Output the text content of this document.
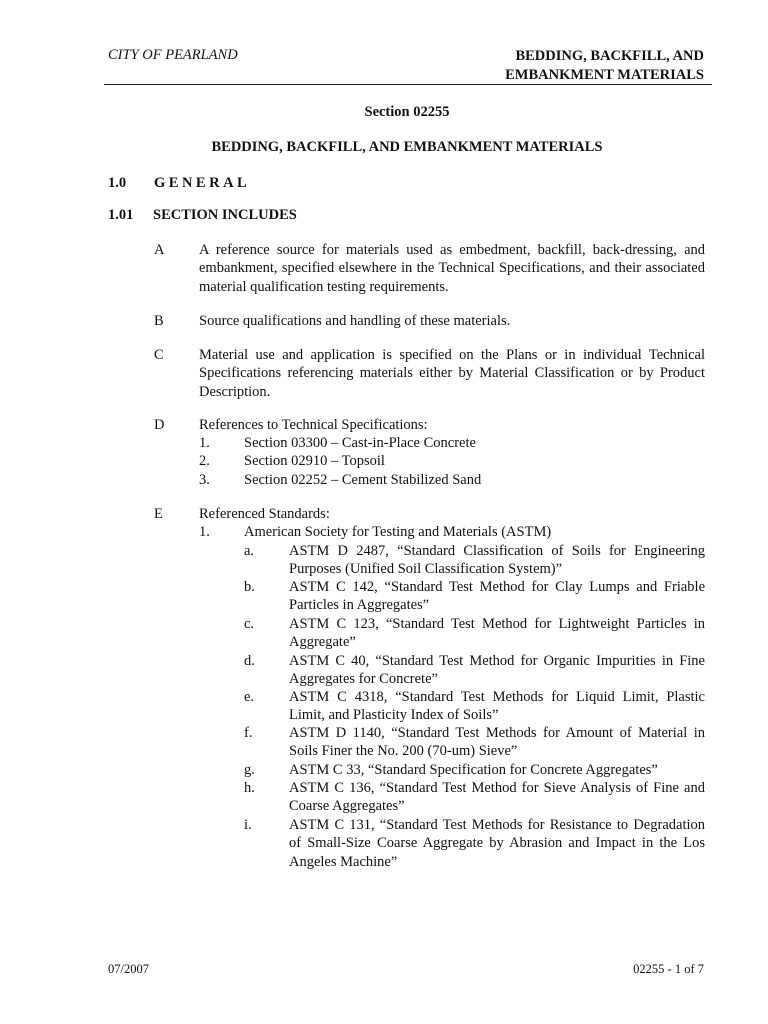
CITY OF PEARLAND	BEDDING, BACKFILL, AND
EMBANKMENT MATERIALS
Section 02255
BEDDING, BACKFILL, AND EMBANKMENT MATERIALS
1.0 GENERAL
1.01 SECTION INCLUDES
A A reference source for materials used as embedment, backfill, back-dressing, and embankment, specified elsewhere in the Technical Specifications, and their associated material qualification testing requirements.
B Source qualifications and handling of these materials.
C Material use and application is specified on the Plans or in individual Technical Specifications referencing materials either by Material Classification or by Product Description.
D References to Technical Specifications:
1. Section 03300 – Cast-in-Place Concrete
2. Section 02910 – Topsoil
3. Section 02252 – Cement Stabilized Sand
E Referenced Standards:
1. American Society for Testing and Materials (ASTM)
a. ASTM D 2487, “Standard Classification of Soils for Engineering Purposes (Unified Soil Classification System)”
b. ASTM C 142, “Standard Test Method for Clay Lumps and Friable Particles in Aggregates”
c. ASTM C 123, “Standard Test Method for Lightweight Particles in Aggregate”
d. ASTM C 40, “Standard Test Method for Organic Impurities in Fine Aggregates for Concrete”
e. ASTM C 4318, “Standard Test Methods for Liquid Limit, Plastic Limit, and Plasticity Index of Soils”
f.	ASTM D 1140, “Standard Test Methods for Amount of Material in Soils Finer the No. 200 (70-um) Sieve”
g. ASTM C 33, “Standard Specification for Concrete Aggregates”
h. ASTM C 136, “Standard Test Method for Sieve Analysis of Fine and Coarse Aggregates”
i.	ASTM C 131, “Standard Test Methods for Resistance to Degradation of Small-Size Coarse Aggregate by Abrasion and Impact in the Los Angeles Machine”
07/2007	02255 - 1 of 7
